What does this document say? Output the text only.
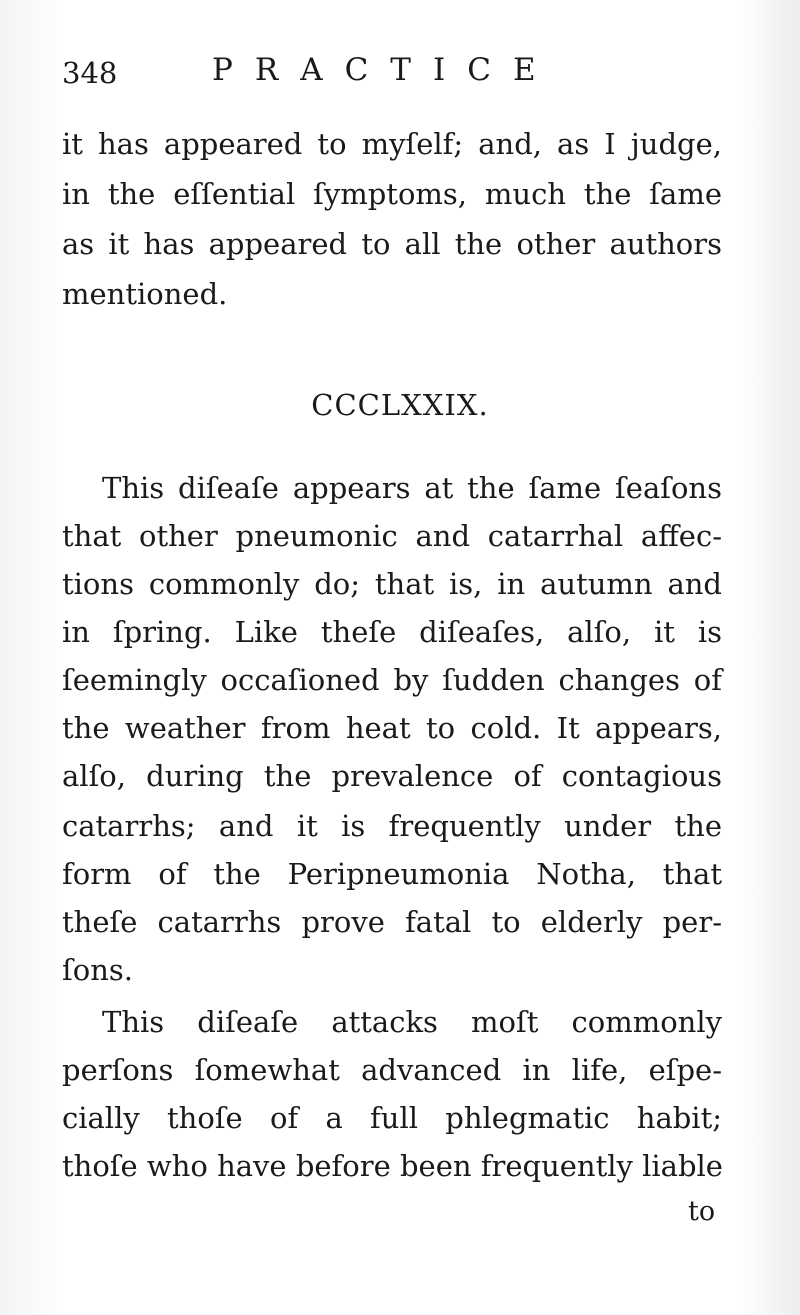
348	PRACTICE
it has appeared to myſelf; and, as I judge,
in the eſſential ſymptoms, much the ſame
as it has appeared to all the other authors
mentioned.
CCCLXXIX.
This diſeaſe appears at the ſame ſeaſons
that other pneumonic and catarrhal affec-
tions commonly do; that is, in autumn and
in ſpring. Like theſe diſeaſes, alſo, it is
ſeemingly occaſioned by ſudden changes of
the weather from heat to cold. It appears,
alſo, during the prevalence of contagious
catarrhs; and it is frequently under the
form of the Peripneumonia Notha, that
theſe catarrhs prove fatal to elderly per-
ſons.
This diſeaſe attacks moſt commonly
perſons ſomewhat advanced in life, eſpe-
cially thoſe of a full phlegmatic habit;
thoſe who have before been frequently liable
to
